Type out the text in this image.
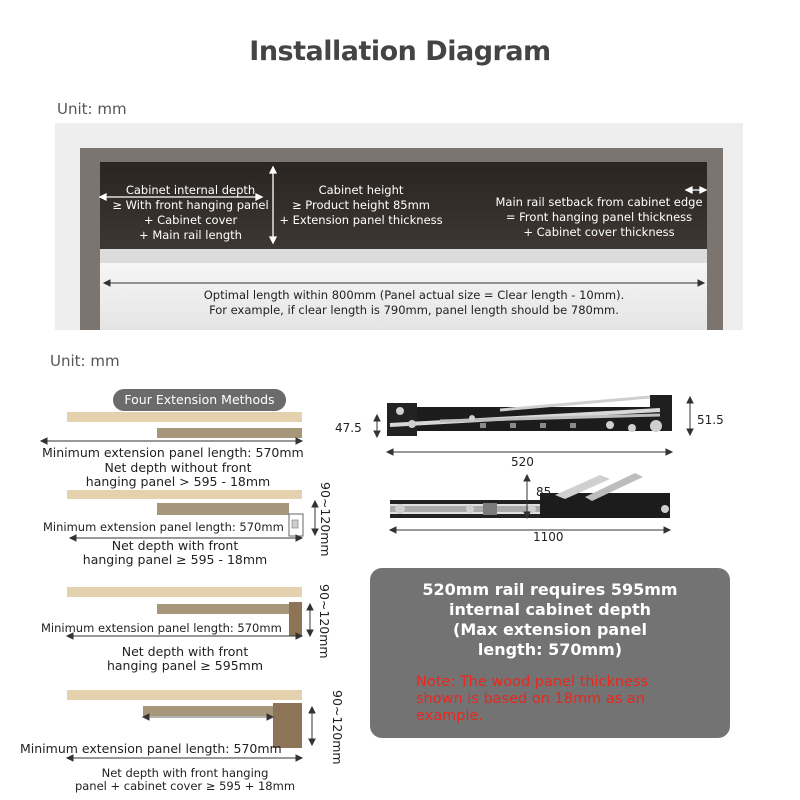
Installation Diagram
Unit: mm
Cabinet internal depth
≥ With front hanging panel
+ Cabinet cover
+ Main rail length
Cabinet height
≥ Product height 85mm
+ Extension panel thickness
Main rail setback from cabinet edge
= Front hanging panel thickness
+ Cabinet cover thickness
Optimal length within 800mm (Panel actual size = Clear length - 10mm).
For example, if clear length is 790mm, panel length should be 780mm.
Unit: mm
Four Extension Methods
Minimum extension panel length: 570mm
Net depth without front
hanging panel > 595 - 18mm
Minimum extension panel length: 570mm
Net depth with front
hanging panel ≥ 595 - 18mm
90~120mm
Minimum extension panel length: 570mm
Net depth with front
hanging panel ≥ 595mm
90~120mm
Minimum extension panel length: 570mm
Net depth with front hanging
panel + cabinet cover ≥ 595 + 18mm
90~120mm
47.5
51.5
520
85
1100
520mm rail requires 595mm
internal cabinet depth
(Max extension panel
length: 570mm)
Note: The wood panel thickness
shown is based on 18mm as an
example.
